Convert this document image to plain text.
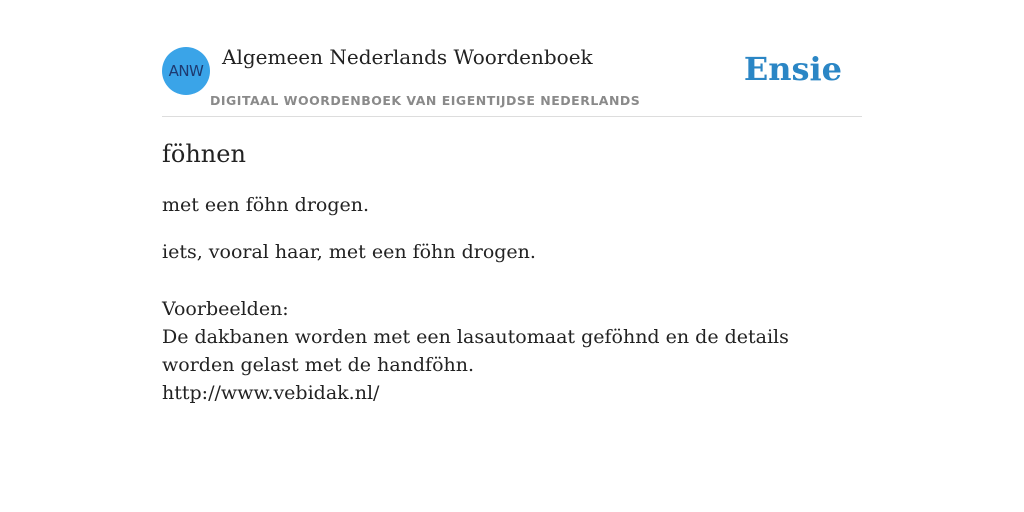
ANW
Algemeen Nederlands Woordenboek
DIGITAAL WOORDENBOEK VAN EIGENTIJDSE NEDERLANDS
Ensie
föhnen
met een föhn drogen.
iets, vooral haar, met een föhn drogen.
Voorbeelden:
De dakbanen worden met een lasautomaat geföhnd en de details worden gelast met de handföhn.
http://www.vebidak.nl/
